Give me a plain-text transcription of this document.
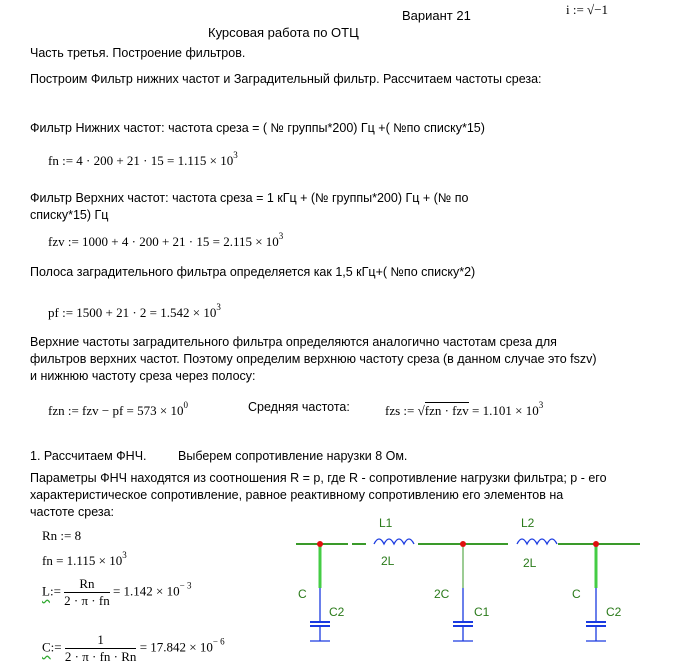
Вариант 21	i := √−1
Курсовая работа по ОТЦ
Часть третья. Построение фильтров.
Построим Фильтр нижних частот и Заградительный фильтр. Рассчитаем частоты среза:
Фильтр Нижних частот: частота среза = ( № группы*200) Гц +( №по списку*15)
fn := $4 \cdot 200 + 21 \cdot 15 = 1.115 \times 10^3$
Фильтр Верхних частот: частота среза = 1 кГц + (№ группы*200) Гц + (№ по списку*15) Гц
fzv := $1000 + 4 \cdot 200 + 21 \cdot 15 = 2.115 \times 10^3$
Полоса заградительного фильтра определяется как 1,5 кГц+( №по списку*2)
pf := $1500 + 21 \cdot 2 = 1.542 \times 10^3$
Верхние частоты заградительного фильтра определяются аналогично частотам среза для фильтров верхних частот. Поэтому определим верхнюю частоту среза (в данном случае это fszv) и нижнюю частоту среза через полосу:
fzn := fzv − pf = $573 \times 10^0$	Средняя частота:	fzs := √fzn · fzv = $1.101 \times 10^3$
1. Рассчитаем ФНЧ.	Выберем сопротивление нарузки 8 Ом.
Параметры ФНЧ находятся из соотношения R = p, где R - сопротивление нагрузки фильтра; p - его характеристическое сопротивление, равное реактивному сопротивлению его элементов на частоте среза:
Rn := 8
fn = $1.115 \times 10^3$
L:= $\frac{Rn}{2 \cdot \pi \cdot fn} = 1.142 \times 10^{- 3}$
C:= $\frac{1}{2 \cdot \pi \cdot fn \cdot Rn} = 17.842 \times 10^{- 6}$
L1
2L
L2
2L
C
C2
2C
C1
C
C2
